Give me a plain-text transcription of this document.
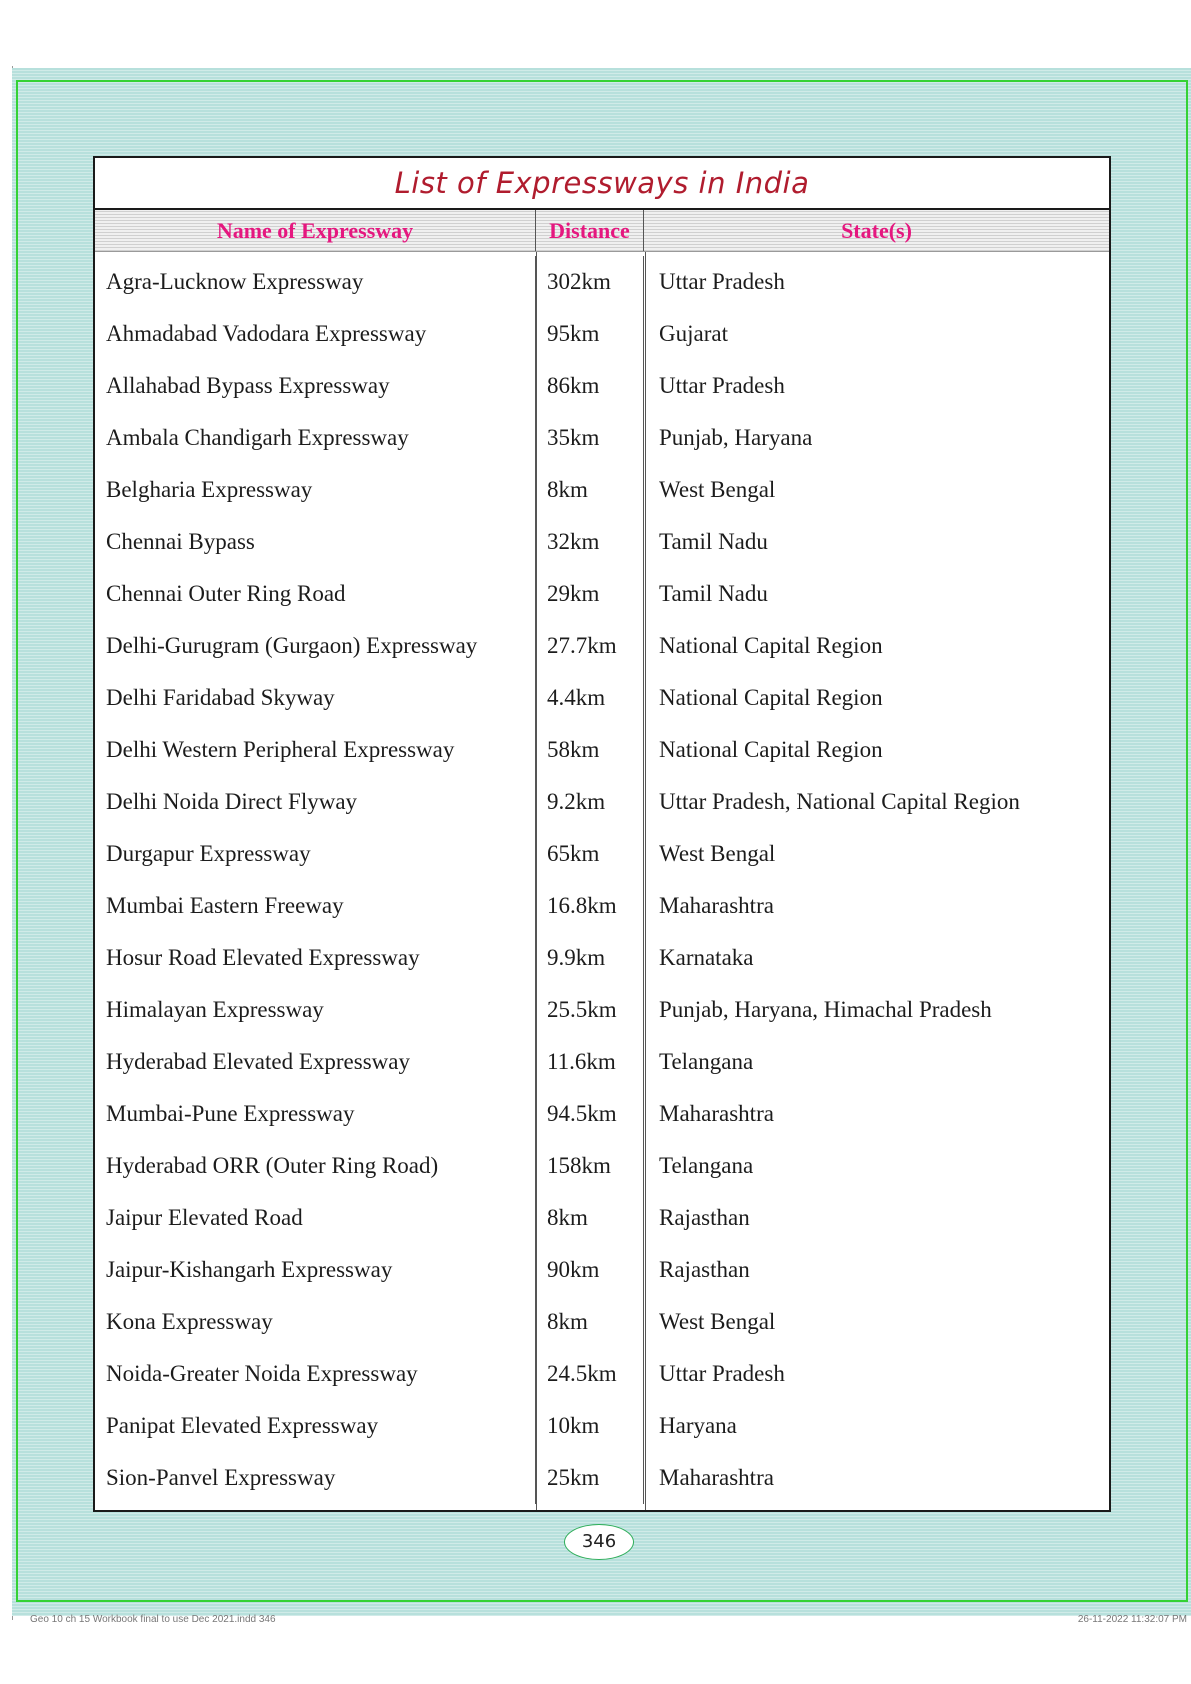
List of Expressways in India
Name of Expressway	Distance	State(s)
Agra-Lucknow Expressway	302km	Uttar Pradesh
Ahmadabad Vadodara Expressway	95km	Gujarat
Allahabad Bypass Expressway	86km	Uttar Pradesh
Ambala Chandigarh Expressway	35km	Punjab, Haryana
Belgharia Expressway	8km	West Bengal
Chennai Bypass	32km	Tamil Nadu
Chennai Outer Ring Road	29km	Tamil Nadu
Delhi-Gurugram (Gurgaon) Expressway	27.7km	National Capital Region
Delhi Faridabad Skyway	4.4km	National Capital Region
Delhi Western Peripheral Expressway	58km	National Capital Region
Delhi Noida Direct Flyway	9.2km	Uttar Pradesh, National Capital Region
Durgapur Expressway	65km	West Bengal
Mumbai Eastern Freeway	16.8km	Maharashtra
Hosur Road Elevated Expressway	9.9km	Karnataka
Himalayan Expressway	25.5km	Punjab, Haryana, Himachal Pradesh
Hyderabad Elevated Expressway	11.6km	Telangana
Mumbai-Pune Expressway	94.5km	Maharashtra
Hyderabad ORR (Outer Ring Road)	158km	Telangana
Jaipur Elevated Road	8km	Rajasthan
Jaipur-Kishangarh Expressway	90km	Rajasthan
Kona Expressway	8km	West Bengal
Noida-Greater Noida Expressway	24.5km	Uttar Pradesh
Panipat Elevated Expressway	10km	Haryana
Sion-Panvel Expressway	25km	Maharashtra
346
Geo 10 ch 15 Workbook final to use Dec 2021.indd 346	26-11-2022 11:32:07 PM
